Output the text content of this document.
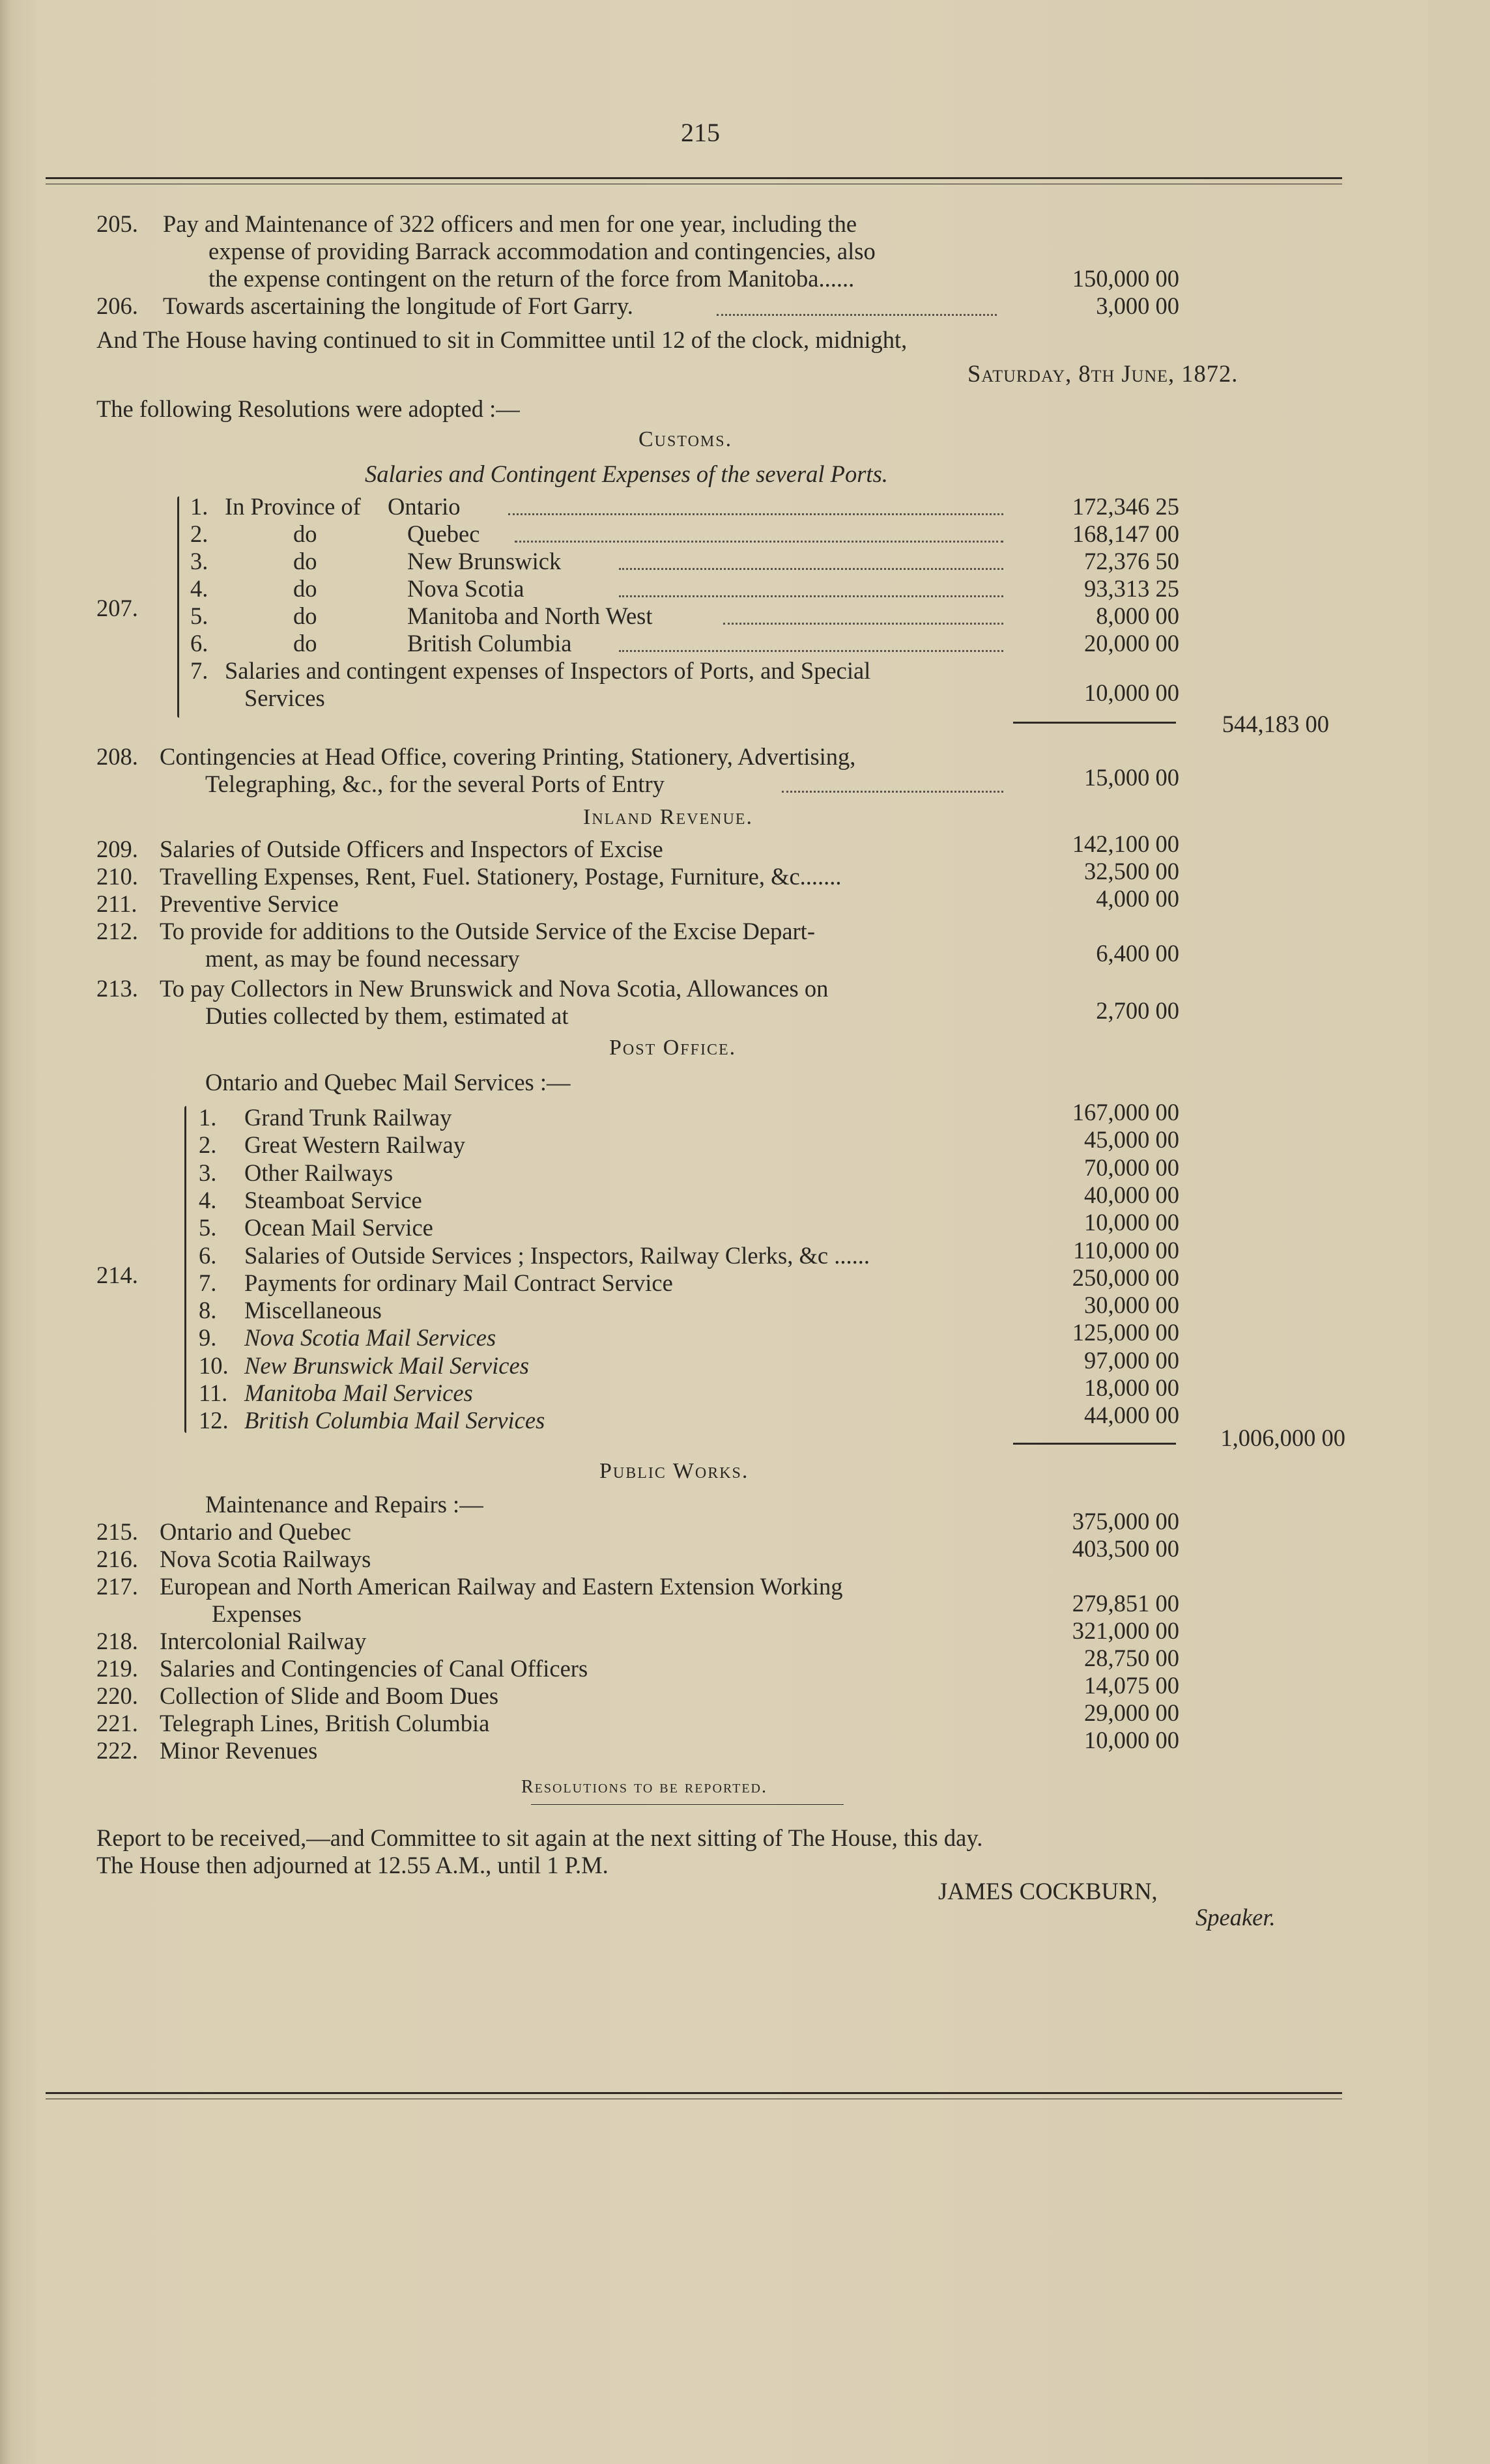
215
205. Pay and Maintenance of 322 officers and men for one year, including the
expense of providing Barrack accommodation and contingencies, also
the expense contingent on the return of the force from Manitoba......	150,000 00
206. Towards ascertaining the longitude of Fort Garry.	3,000 00
And The House having continued to sit in Committee until 12 of the clock, midnight,
Saturday, 8th June, 1872.
The following Resolutions were adopted :—
Customs.
Salaries and Contingent Expenses of the several Ports.
207.
1. In Province of Ontario	172,346 25
2.	do	Quebec	168,147 00
3.	do	New Brunswick	72,376 50
4.	do	Nova Scotia	93,313 25
5.	do	Manitoba and North West	8,000 00
6.	do	British Columbia	20,000 00
7. Salaries and contingent expenses of Inspectors of Ports, and Special
Services	10,000 00
544,183 00
208. Contingencies at Head Office, covering Printing, Stationery, Advertising,
Telegraphing, &c., for the several Ports of Entry	15,000 00
Inland Revenue.
209. Salaries of Outside Officers and Inspectors of Excise	142,100 00
210. Travelling Expenses, Rent, Fuel. Stationery, Postage, Furniture, &c.......	32,500 00
211. Preventive Service	4,000 00
212. To provide for additions to the Outside Service of the Excise Depart-
ment, as may be found necessary	6,400 00
213. To pay Collectors in New Brunswick and Nova Scotia, Allowances on
Duties collected by them, estimated at	2,700 00
Post Office.
Ontario and Quebec Mail Services :—
214.
1. Grand Trunk Railway	167,000 00
2. Great Western Railway	45,000 00
3. Other Railways	70,000 00
4. Steamboat Service	40,000 00
5. Ocean Mail Service	10,000 00
6. Salaries of Outside Services ; Inspectors, Railway Clerks, &c ......	110,000 00
7. Payments for ordinary Mail Contract Service	250,000 00
8. Miscellaneous	30,000 00
9. Nova Scotia Mail Services	125,000 00
10. New Brunswick Mail Services	97,000 00
11. Manitoba Mail Services	18,000 00
12. British Columbia Mail Services	44,000 00
1,006,000 00
Public Works.
Maintenance and Repairs :—
215. Ontario and Quebec	375,000 00
216. Nova Scotia Railways	403,500 00
217. European and North American Railway and Eastern Extension Working
Expenses	279,851 00
218. Intercolonial Railway	321,000 00
219. Salaries and Contingencies of Canal Officers	28,750 00
220. Collection of Slide and Boom Dues	14,075 00
221. Telegraph Lines, British Columbia	29,000 00
222. Minor Revenues	10,000 00
Resolutions to be reported.
Report to be received,—and Committee to sit again at the next sitting of The House, this day.
The House then adjourned at 12.55 A.M., until 1 P.M.
JAMES COCKBURN,
Speaker.
